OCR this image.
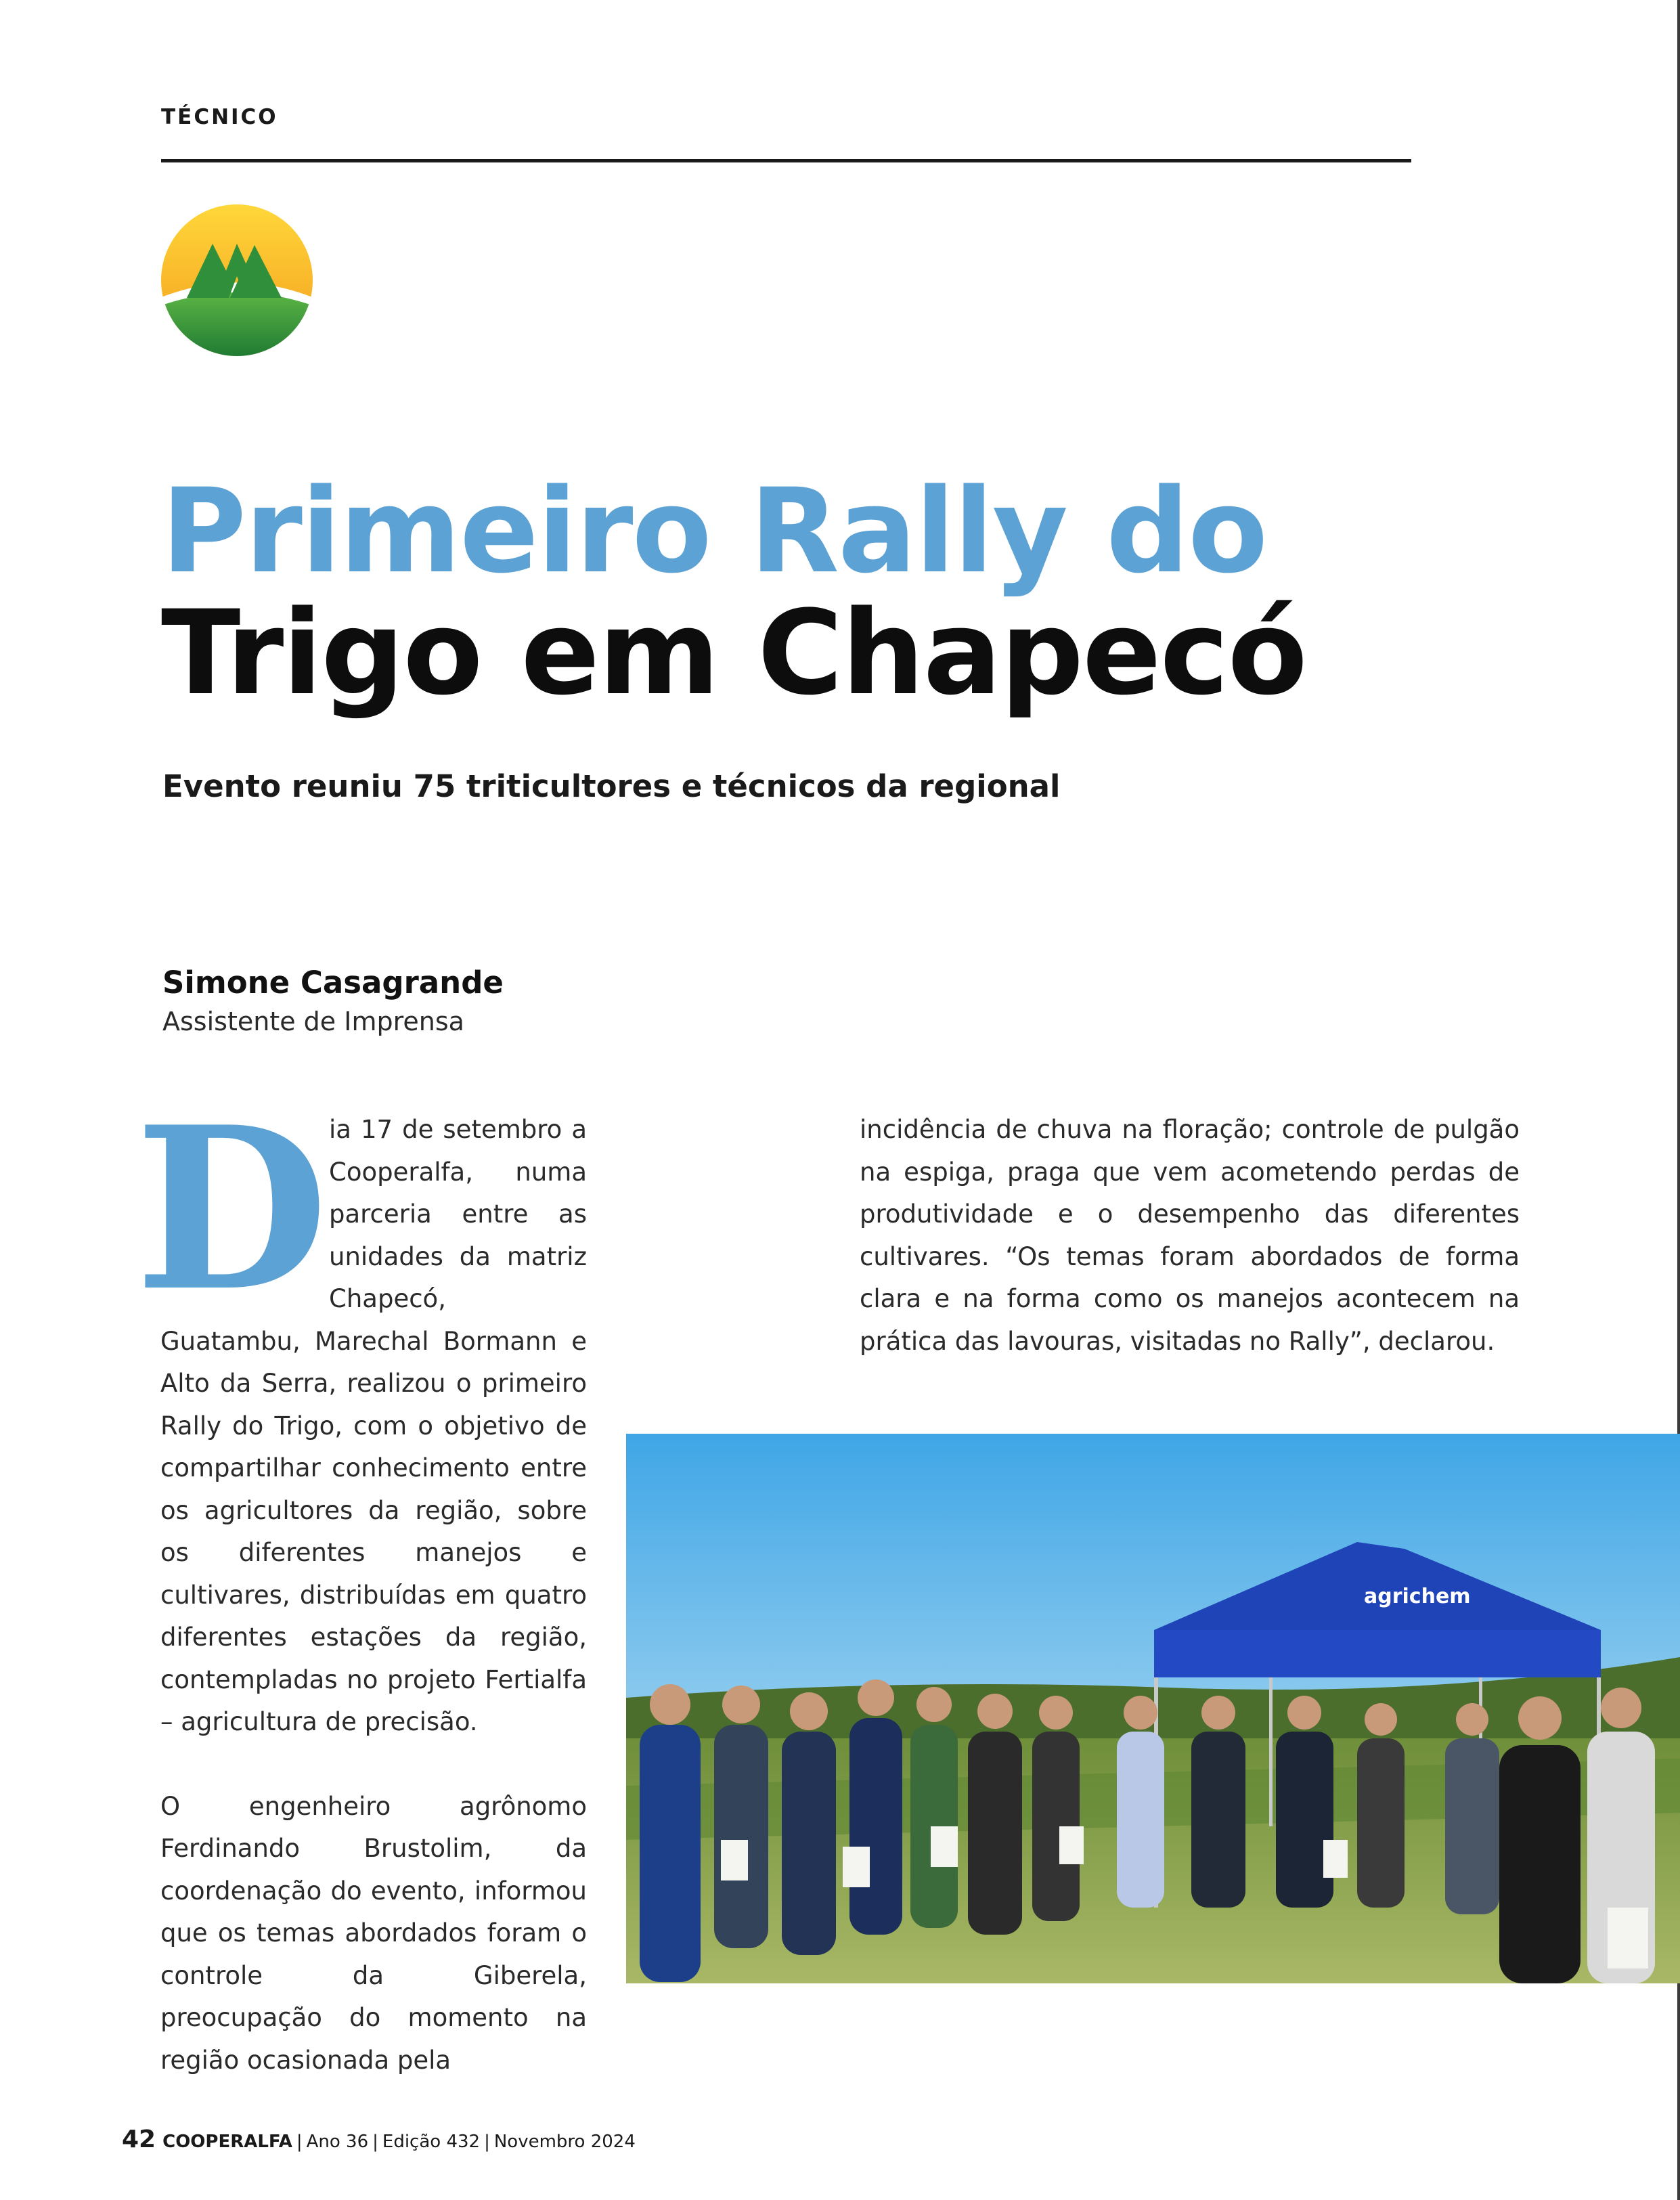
TÉCNICO
Primeiro Rally do
Trigo em Chapecó
Evento reuniu 75 triticultores e técnicos da regional
Simone Casagrande
Assistente de Imprensa

Dia 17 de setembro a Cooperalfa, numa parceria entre as unidades da matriz Chapecó, Guatambu, Marechal Bormann e Alto da Serra, realizou o primeiro Rally do Trigo, com o objetivo de compartilhar conhecimento entre os agricultores da região, sobre os diferentes manejos e cultivares, distribuídas em quatro diferentes estações da região, contempladas no projeto Fertialfa – agricultura de precisão.

O engenheiro agrônomo Ferdinando Brustolim, da coordenação do evento, informou que os temas abordados foram o controle da Giberela, preocupação do momento na região ocasionada pela

incidência de chuva na floração; controle de pulgão na espiga, praga que vem acometendo perdas de produtividade e o desempenho das diferentes cultivares. “Os temas foram abordados de forma clara e na forma como os manejos acontecem na prática das lavouras, visitadas no Rally”, declarou.

agrichem
42 COOPERALFA | Ano 36 | Edição 432 | Novembro 2024
